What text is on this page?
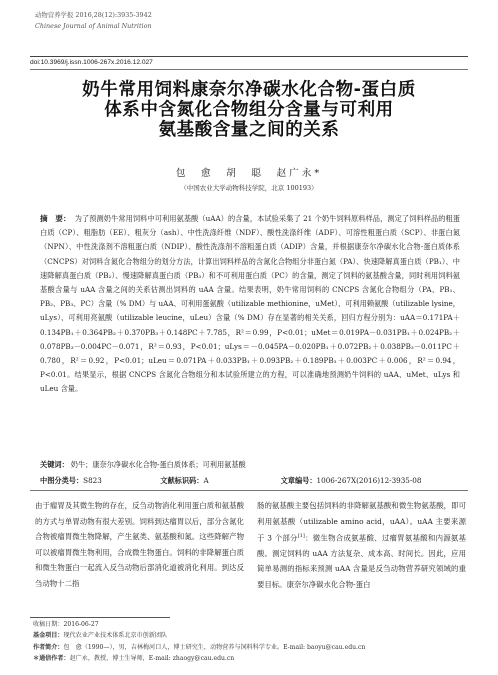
动物营养学报 2016,28(12):3935-3942
Chinese Journal of Animal Nutrition
doi:10.3969/j.issn.1006-267x.2016.12.027
奶牛常用饲料康奈尔净碳水化合物-蛋白质
体系中含氮化合物组分含量与可利用
氨基酸含量之间的关系
包　愈　胡　聪　赵广永*
（中国农业大学动物科技学院，北京 100193）
摘　要： 为了预测奶牛常用饲料中可利用氨基酸（uAA）的含量，本试验采集了 21 个奶牛饲料原料样品，测定了饲料样品的粗蛋白质（CP）、粗脂肪（EE）、粗灰分（ash）、中性洗涤纤维（NDF）、酸性洗涤纤维（ADF）、可溶性粗蛋白质（SCP）、非蛋白氮（NPN）、中性洗涤剂不溶粗蛋白质（NDIP）、酸性洗涤剂不溶粗蛋白质（ADIP）含量，并根据康奈尔净碳水化合物-蛋白质体系（CNCPS）对饲料含氮化合物组分的划分方法，计算出饲料样品的含氮化合物组分非蛋白氮（PA）、快速降解真蛋白质（PB₁）、中速降解真蛋白质（PB₂）、慢速降解真蛋白质（PB₃）和不可利用蛋白质（PC）的含量，测定了饲料的氨基酸含量，同时利用饲料氨基酸含量与 uAA 含量之间的关系估测出饲料的 uAA 含量。结果表明，奶牛常用饲料的 CNCPS 含氮化合物组分（PA、PB₁、PB₂、PB₃、PC）含量（% DM）与 uAA、可利用蛋氨酸（utilizable methionine，uMet）、可利用赖氨酸（utilizable lysine，uLys）、可利用亮氨酸（utilizable leucine，uLeu）含量（% DM）存在显著的相关关系，回归方程分别为：uAA＝0.171PA＋0.134PB₁＋0.364PB₂＋0.370PB₃＋0.148PC＋7.785，R²＝0.99，P<0.01；uMet＝0.019PA－0.031PB₁＋0.024PB₂＋0.078PB₃－0.004PC－0.071，R²＝0.93，P<0.01；uLys＝－0.045PA－0.020PB₁＋0.072PB₂＋0.038PB₃－0.011PC＋0.780，R²＝0.92，P<0.01；uLeu＝0.071PA＋0.033PB₁＋0.093PB₂＋0.189PB₃＋0.003PC＋0.006，R²＝0.94，P<0.01。结果显示，根据 CNCPS 含氮化合物组分和本试验所建立的方程，可以准确地预测奶牛饲料的 uAA、uMet、uLys 和 uLeu 含量。
关键词： 奶牛；康奈尔净碳水化合物-蛋白质体系；可利用氨基酸
中图分类号：S823	文献标识码：A	文章编号：1006-267X(2016)12-3935-08
由于瘤胃及其微生物的存在，反刍动物消化利用蛋白质和氨基酸的方式与单胃动物有很大差别。饲料到达瘤胃以后，部分含氮化合物被瘤胃微生物降解，产生氨类、氨基酸和氮。这些降解产物可以被瘤胃微生物利用，合成微生物蛋白。饲料的非降解蛋白质和微生物蛋白一起流入反刍动物后部消化道被消化利用。到达反刍动物十二指
肠的氨基酸主要包括饲料的非降解氨基酸和微生物氨基酸，即可利用氨基酸（utilizable amino acid，uAA）。uAA 主要来源于 3 个部分[1]：微生物合成氨基酸、过瘤胃氨基酸和内源氨基酸。测定饲料的 uAA 方法复杂、成本高、时间长。因此，应用简单易测的指标来预测 uAA 含量是反刍动物营养研究领域的重要目标。康奈尔净碳水化合物-蛋白
收稿日期：2016-06-27
基金项目：现代农业产业技术体系北京市创新团队
作者简介：包　愈（1990—），男，吉林梅河口人，博士研究生，动物营养与饲料科学专业。E-mail: baoyu@cau.edu.cn
＊通信作者：赵广永，教授，博士生导师，E-mail: zhaogy@cau.edu.cn
